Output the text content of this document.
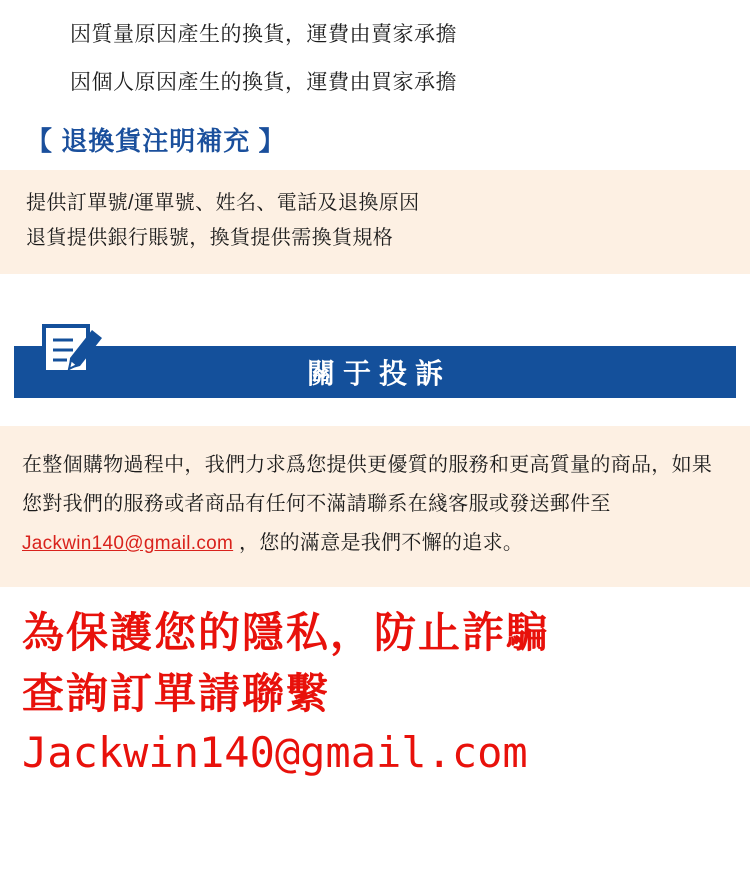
因質量原因產生的換貨，運費由賣家承擔
因個人原因產生的換貨，運費由買家承擔
【 退換貨注明補充 】
提供訂單號/運單號、姓名、電話及退換原因
退貨提供銀行賬號，換貨提供需換貨規格
關于投訴
在整個購物過程中，我們力求爲您提供更優質的服務和更高質量的商品，如果您對我們的服務或者商品有任何不滿請聯系在綫客服或發送郵件至 Jackwin140@gmail.com ，您的滿意是我們不懈的追求。
為保護您的隱私，防止詐騙
查詢訂單請聯繫
Jackwin140@gmail.com
